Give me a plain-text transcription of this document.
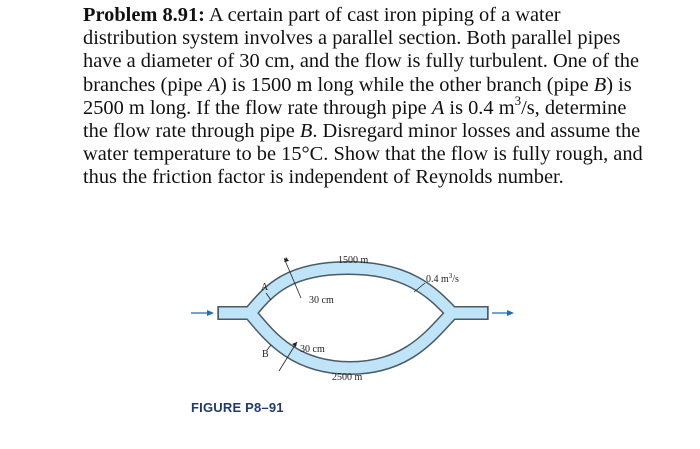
Problem 8.91: A certain part of cast iron piping of a water distribution system involves a parallel section. Both parallel pipes have a diameter of 30 cm, and the flow is fully turbulent. One of the branches (pipe A) is 1500 m long while the other branch (pipe B) is 2500 m long. If the flow rate through pipe A is 0.4 $m^3/s$, determine the flow rate through pipe B. Disregard minor losses and assume the water temperature to be 15°C. Show that the flow is fully rough, and thus the friction factor is independent of Reynolds number.

1500 m
30 cm
30 cm
2500 m
A
B
0.4 $m^3/s$
FIGURE P8–91
